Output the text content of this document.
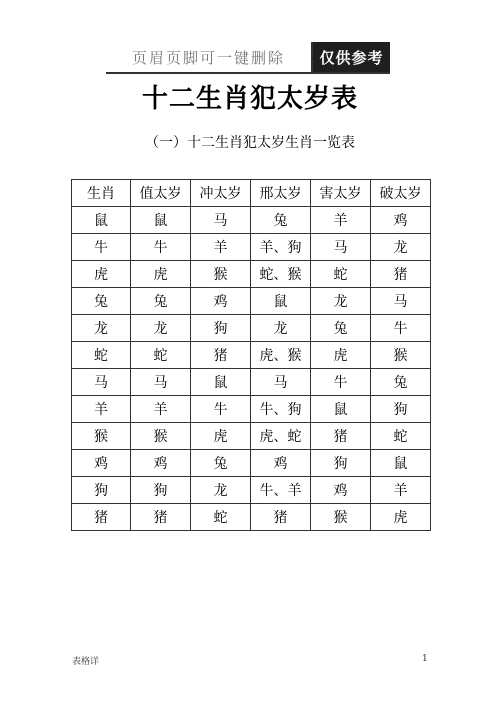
页眉页脚可一键删除	仅供参考
十二生肖犯太岁表
（一）十二生肖犯太岁生肖一览表
生肖	值太岁	冲太岁	邢太岁	害太岁	破太岁
鼠	鼠	马	兔	羊	鸡
牛	牛	羊	羊、狗	马	龙
虎	虎	猴	蛇、猴	蛇	猪
兔	兔	鸡	鼠	龙	马
龙	龙	狗	龙	兔	牛
蛇	蛇	猪	虎、猴	虎	猴
马	马	鼠	马	牛	兔
羊	羊	牛	牛、狗	鼠	狗
猴	猴	虎	虎、蛇	猪	蛇
鸡	鸡	兔	鸡	狗	鼠
狗	狗	龙	牛、羊	鸡	羊
猪	猪	蛇	猪	猴	虎
表格详	1
